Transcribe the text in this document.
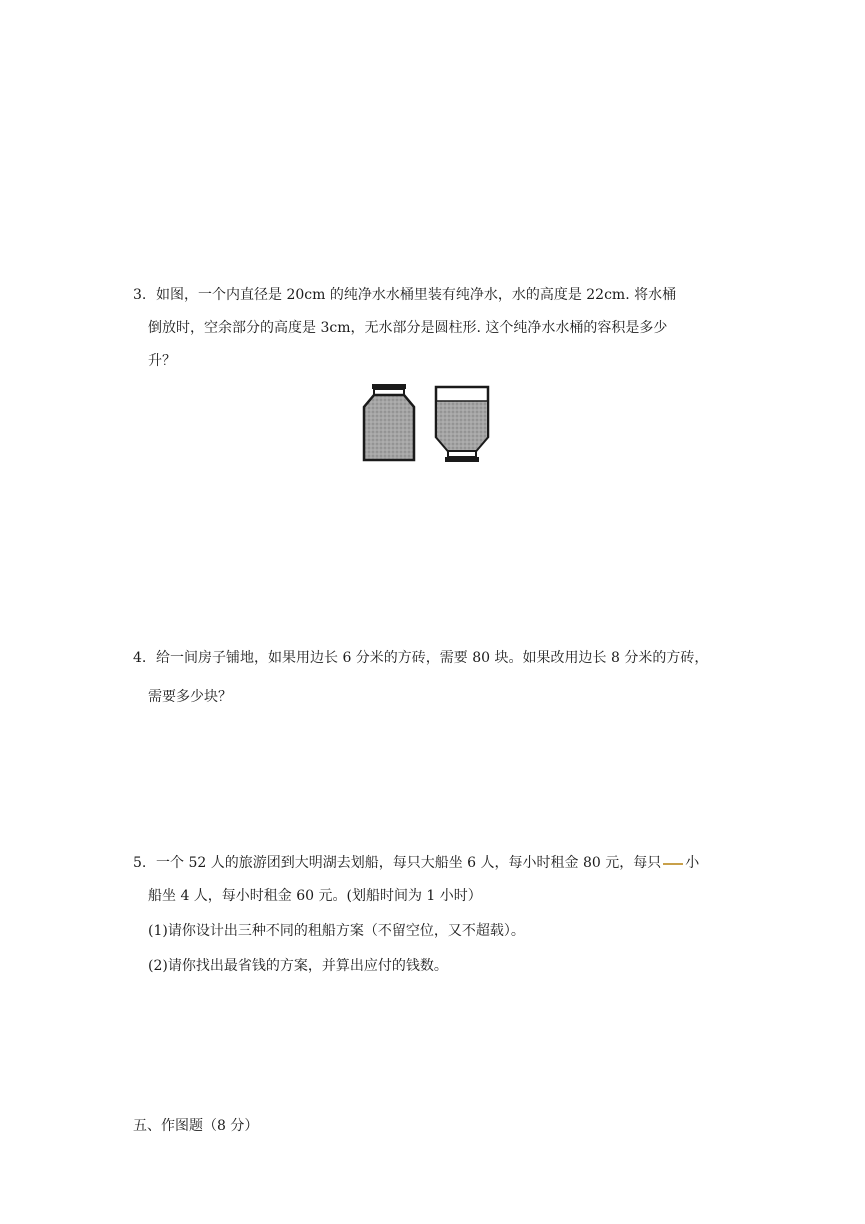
3. 如图，一个内直径是 20cm 的纯净水水桶里装有纯净水，水的高度是 22cm. 将水桶
倒放时，空余部分的高度是 3cm，无水部分是圆柱形. 这个纯净水水桶的容积是多少
升？
4. 给一间房子铺地，如果用边长 6 分米的方砖，需要 80 块。如果改用边长 8 分米的方砖，
需要多少块？
5. 一个 52 人的旅游团到大明湖去划船，每只大船坐 6 人，每小时租金 80 元，每只 小
船坐 4 人，每小时租金 60 元。(划船时间为 1 小时）
(1)请你设计出三种不同的租船方案（不留空位，又不超载）。
(2)请你找出最省钱的方案，并算出应付的钱数。
五、作图题（8 分）
